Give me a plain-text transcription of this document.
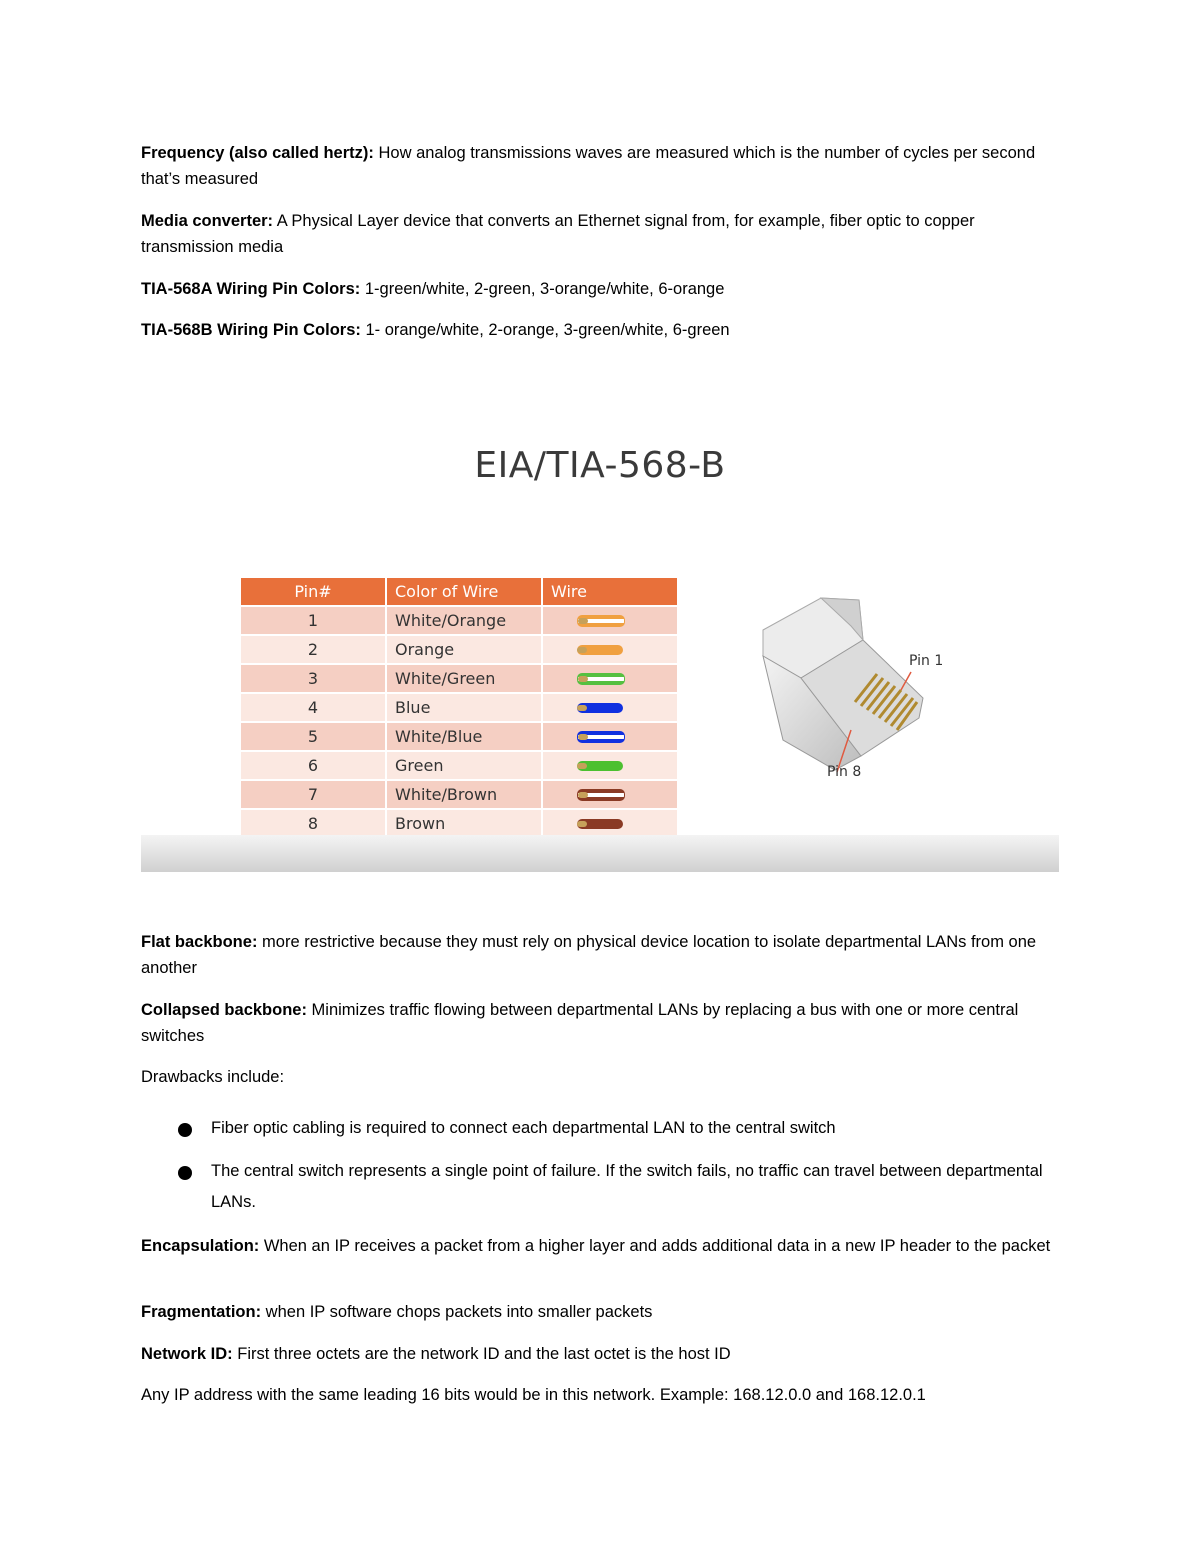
Frequency (also called hertz): How analog transmissions waves are measured which is the number of cycles per second that’s measured
Media converter: A Physical Layer device that converts an Ethernet signal from, for example, fiber optic to copper transmission media
TIA-568A Wiring Pin Colors: 1-green/white, 2-green, 3-orange/white, 6-orange
TIA-568B Wiring Pin Colors: 1- orange/white, 2-orange, 3-green/white, 6-green
EIA/TIA-568-B
Pin#	Color of Wire	Wire
1	White/Orange	

2	Orange	

3	White/Green	

4	Blue	

5	White/Blue	

6	Green	

7	White/Brown	

8	Brown	
Pin 1
Pin 8
Flat backbone: more restrictive because they must rely on physical device location to isolate departmental LANs from one another
Collapsed backbone: Minimizes traffic flowing between departmental LANs by replacing a bus with one or more central switches
Drawbacks include:
Fiber optic cabling is required to connect each departmental LAN to the central switch
The central switch represents a single point of failure. If the switch fails, no traffic can travel between departmental LANs.
Encapsulation: When an IP receives a packet from a higher layer and adds additional data in a new IP header to the packet
Fragmentation: when IP software chops packets into smaller packets
Network ID: First three octets are the network ID and the last octet is the host ID
Any IP address with the same leading 16 bits would be in this network. Example: 168.12.0.0 and 168.12.0.1
